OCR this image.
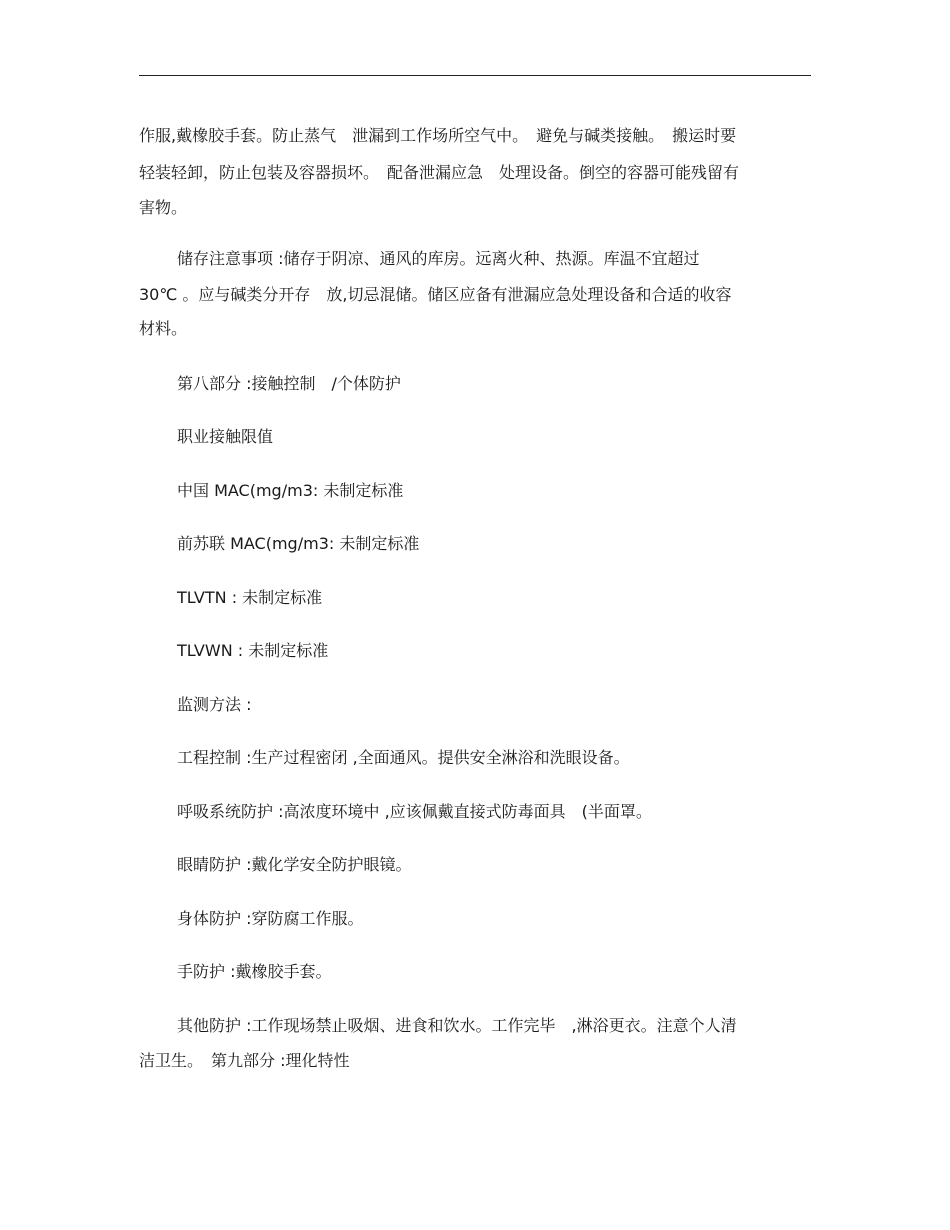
作服,戴橡胶手套。防止蒸气　泄漏到工作场所空气中。　避免与碱类接触。　搬运时要
轻装轻卸，防止包装及容器损坏。　配备泄漏应急　处理设备。倒空的容器可能残留有
害物。
储存注意事项 :储存于阴凉、通风的库房。远离火种、热源。库温不宜超过
30℃ 。应与碱类分开存　放,切忌混储。储区应备有泄漏应急处理设备和合适的收容
材料。
第八部分 :接触控制　/个体防护
职业接触限值
中国 MAC(mg/m3: 未制定标准
前苏联 MAC(mg/m3: 未制定标准
TLVTN : 未制定标准
TLVWN : 未制定标准
监测方法 :
工程控制 :生产过程密闭 ,全面通风。提供安全淋浴和洗眼设备。
呼吸系统防护 :高浓度环境中 ,应该佩戴直接式防毒面具　(半面罩。
眼睛防护 :戴化学安全防护眼镜。
身体防护 :穿防腐工作服。
手防护 :戴橡胶手套。
其他防护 :工作现场禁止吸烟、进食和饮水。工作完毕　,淋浴更衣。注意个人清
洁卫生。　第九部分 :理化特性
